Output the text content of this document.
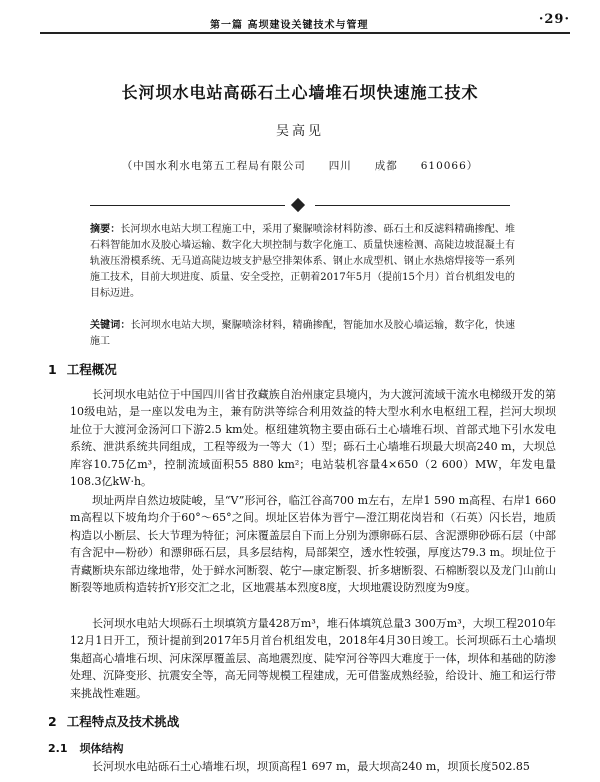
第一篇 高坝建设关键技术与管理	·29·
长河坝水电站高砾石土心墙堆石坝快速施工技术
吴高见
（中国水利水电第五工程局有限公司　　四川　　成都　　610066）
摘要：长河坝水电站大坝工程施工中，采用了聚脲喷涂材料防渗、砾石土和反滤料精确掺配、堆石料智能加水及胶心墙运输、数字化大坝控制与数字化施工、质量快速检测、高陡边坡混凝土有轨液压滑模系统、无马道高陡边坡支护悬空排架体系、钢止水成型机、钢止水热熔焊接等一系列施工技术，目前大坝进度、质量、安全受控，正朝着2017年5月（提前15个月）首台机组发电的目标迈进。
关键词：长河坝水电站大坝，聚脲喷涂材料，精确掺配，智能加水及胶心墙运输，数字化，快速施工
1 工程概况
长河坝水电站位于中国四川省甘孜藏族自治州康定县境内，为大渡河流域干流水电梯级开发的第10级电站，是一座以发电为主，兼有防洪等综合利用效益的特大型水利水电枢纽工程，拦河大坝坝址位于大渡河金汤河口下游2.5 km处。枢纽建筑物主要由砾石土心墙堆石坝、首部式地下引水发电系统、泄洪系统共同组成，工程等级为一等大（1）型；砾石土心墙堆石坝最大坝高240 m，大坝总库容10.75亿m³，控制流域面积55 880 km²；电站装机容量4×650（2 600）MW，年发电量108.3亿kW·h。
坝址两岸自然边坡陡峻，呈“V”形河谷，临江谷高700 m左右，左岸1 590 m高程、右岸1 660 m高程以下坡角均介于60°～65°之间。坝址区岩体为晋宁—澄江期花岗岩和（石英）闪长岩，地质构造以小断层、长大节理为特征；河床覆盖层自下而上分别为漂卵砾石层、含泥漂卵砂砾石层（中部有含泥中—粉砂）和漂卵砾石层，具多层结构，局部架空，透水性较强，厚度达79.3 m。坝址位于青藏断块东部边缘地带，处于鲜水河断裂、乾宁—康定断裂、折多塘断裂、石棉断裂以及龙门山前山断裂等地质构造转折Y形交汇之北，区地震基本烈度8度，大坝地震设防烈度为9度。
长河坝水电站大坝砾石土坝填筑方量428万m³，堆石体填筑总量3 300万m³，大坝工程2010年12月1日开工，预计提前到2017年5月首台机组发电，2018年4月30日竣工。长河坝砾石土心墙坝集超高心墙堆石坝、河床深厚覆盖层、高地震烈度、陡窄河谷等四大难度于一体，坝体和基础的防渗处理、沉降变形、抗震安全等，高无同等规模工程建成，无可借鉴成熟经验，给设计、施工和运行带来挑战性难题。
2 工程特点及技术挑战
2.1 坝体结构
长河坝水电站砾石土心墙堆石坝，坝顶高程1 697 m，最大坝高240 m，坝顶长度502.85
